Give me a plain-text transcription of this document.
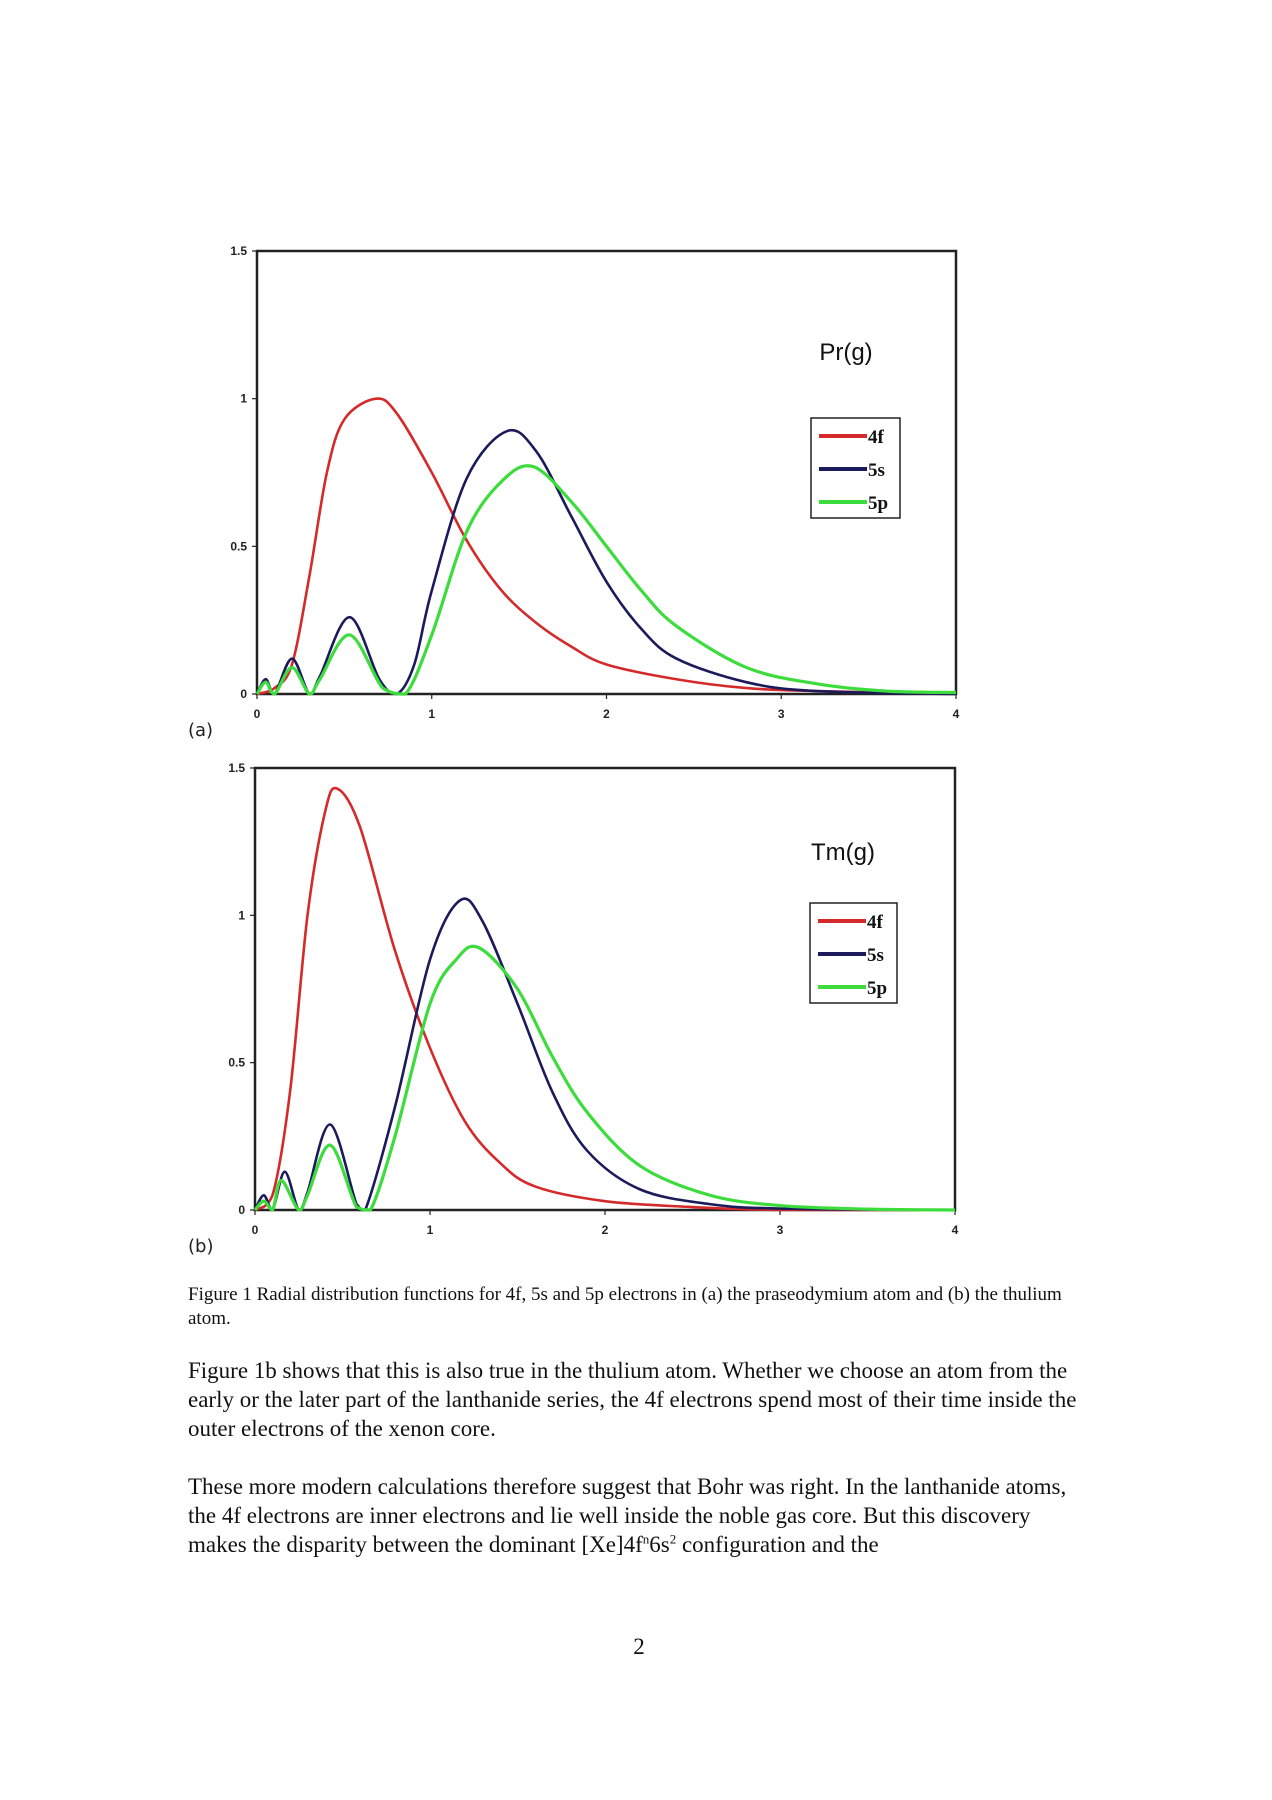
0	1	2	3	4
0
0.5
1
1.5
Pr(g)
4f
5s
5p
0	1	2	3	4
0
0.5
1
1.5
Tm(g)
4f
5s
5p
(a)
(b)
Figure 1 Radial distribution functions for 4f, 5s and 5p electrons in (a) the praseodymium atom and (b) the thulium atom.
Figure 1b shows that this is also true in the thulium atom. Whether we choose an atom from the early or the later part of the lanthanide series, the 4f electrons spend most of their time inside the outer electrons of the xenon core.
These more modern calculations therefore suggest that Bohr was right. In the lanthanide atoms, the 4f electrons are inner electrons and lie well inside the noble gas core. But this discovery makes the disparity between the dominant $[Xe]4f^n6s^2$ configuration and the
2
